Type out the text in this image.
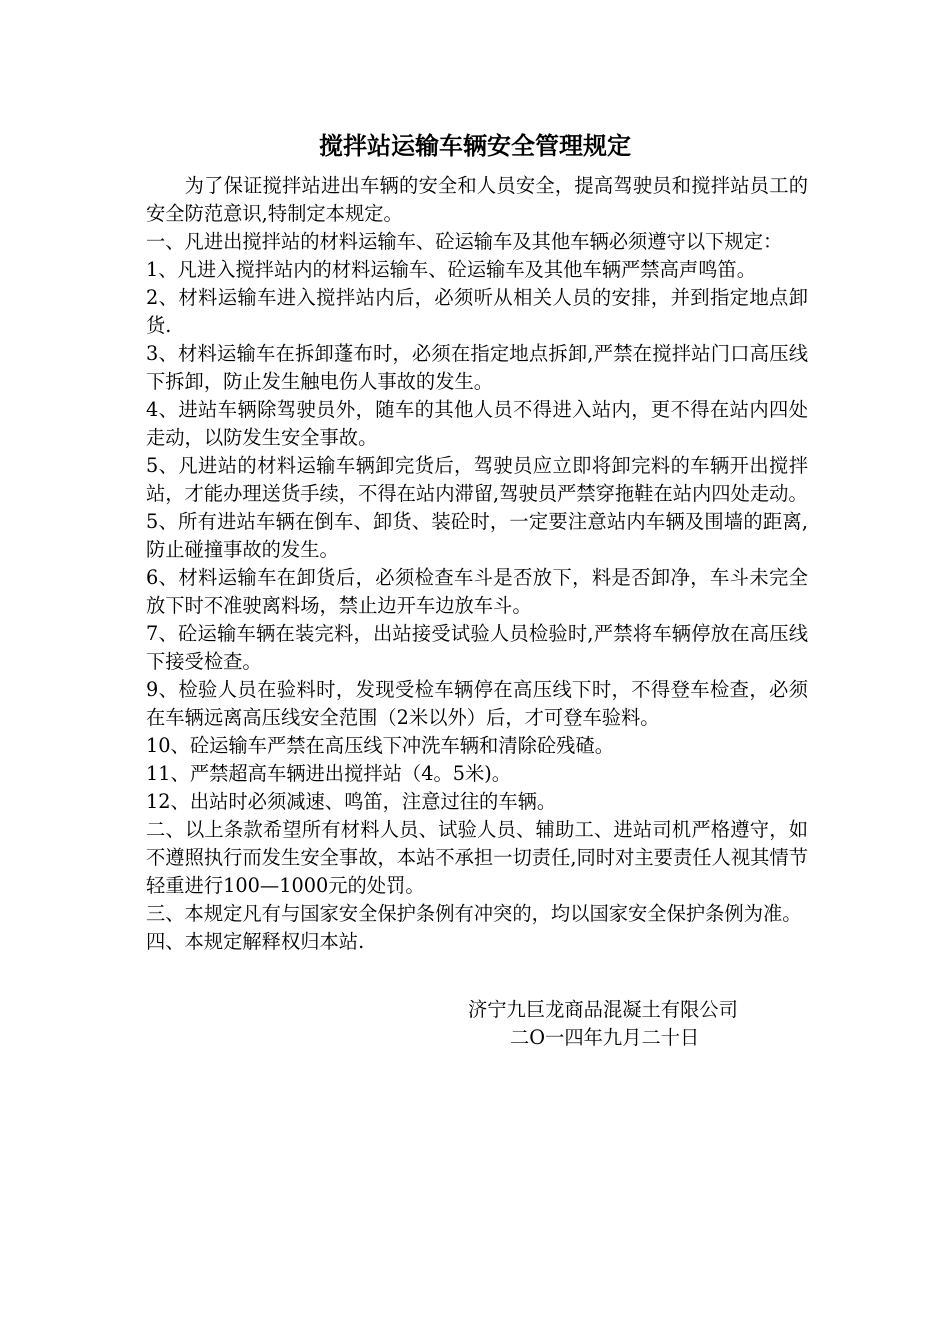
搅拌站运输车辆安全管理规定

为了保证搅拌站进出车辆的安全和人员安全，提高驾驶员和搅拌站员工的安全防范意识,特制定本规定。

一、凡进出搅拌站的材料运输车、砼运输车及其他车辆必须遵守以下规定：

1、凡进入搅拌站内的材料运输车、砼运输车及其他车辆严禁高声鸣笛。

2、材料运输车进入搅拌站内后，必须听从相关人员的安排，并到指定地点卸货.

3、材料运输车在拆卸蓬布时，必须在指定地点拆卸,严禁在搅拌站门口高压线下拆卸，防止发生触电伤人事故的发生。

4、进站车辆除驾驶员外，随车的其他人员不得进入站内，更不得在站内四处走动，以防发生安全事故。

5、凡进站的材料运输车辆卸完货后，驾驶员应立即将卸完料的车辆开出搅拌站，才能办理送货手续，不得在站内滞留,驾驶员严禁穿拖鞋在站内四处走动。

5、所有进站车辆在倒车、卸货、装砼时，一定要注意站内车辆及围墙的距离,防止碰撞事故的发生。

6、材料运输车在卸货后，必须检查车斗是否放下，料是否卸净，车斗未完全放下时不准驶离料场，禁止边开车边放车斗。

7、砼运输车辆在装完料，出站接受试验人员检验时,严禁将车辆停放在高压线下接受检查。

9、检验人员在验料时，发现受检车辆停在高压线下时，不得登车检查，必须在车辆远离高压线安全范围（2米以外）后，才可登车验料。

10、砼运输车严禁在高压线下冲洗车辆和清除砼残碴。

11、严禁超高车辆进出搅拌站（4。5米)。

12、出站时必须减速、鸣笛，注意过往的车辆。

二、以上条款希望所有材料人员、试验人员、辅助工、进站司机严格遵守，如不遵照执行而发生安全事故，本站不承担一切责任,同时对主要责任人视其情节轻重进行100—1000元的处罚。

三、本规定凡有与国家安全保护条例有冲突的，均以国家安全保护条例为准。

四、本规定解释权归本站.

济宁九巨龙商品混凝土有限公司
二O一四年九月二十日
